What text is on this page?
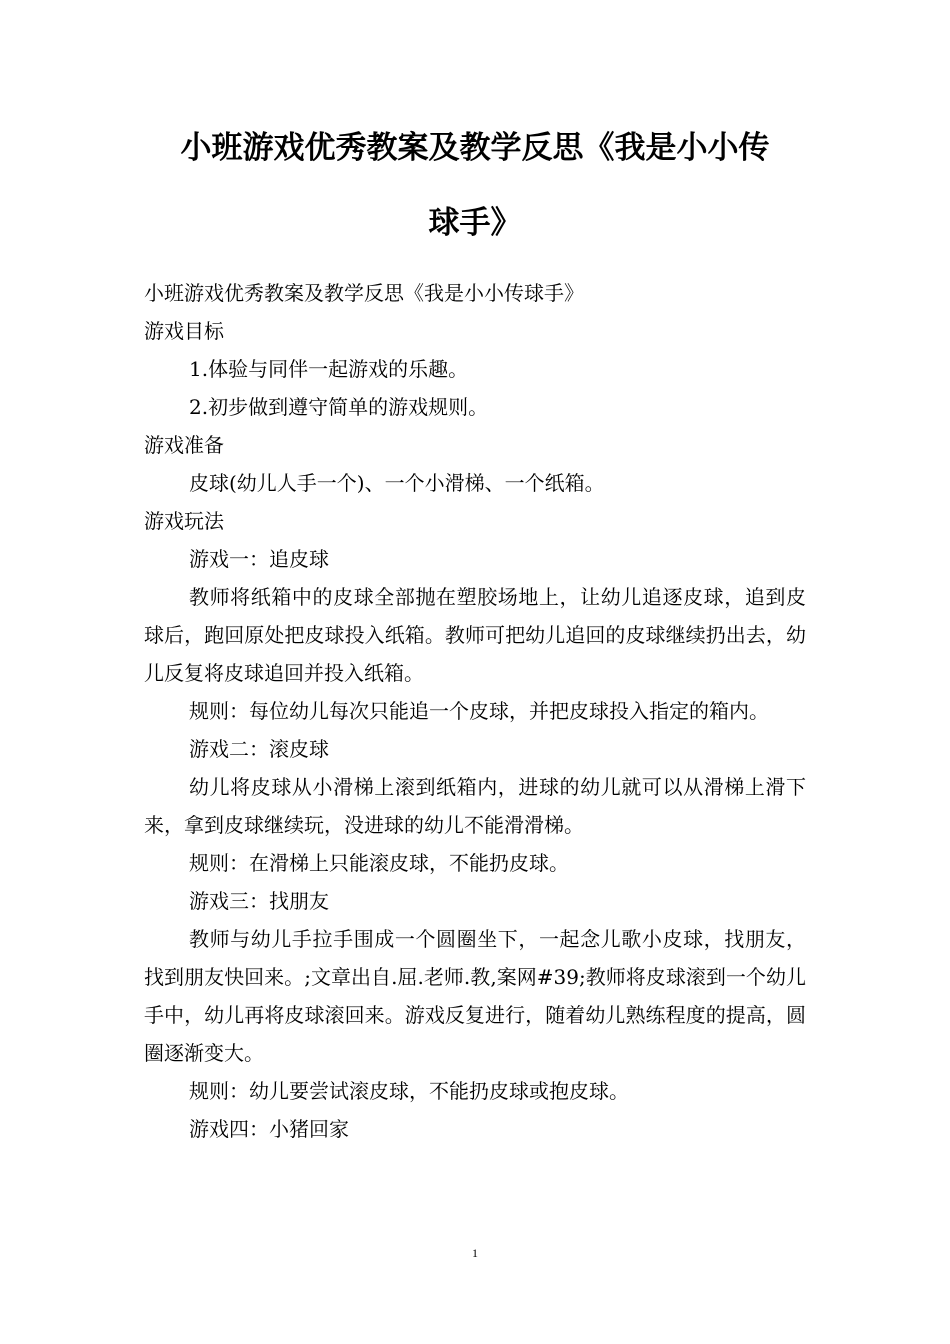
小班游戏优秀教案及教学反思《我是小小传
球手》

小班游戏优秀教案及教学反思《我是小小传球手》

游戏目标

1.体验与同伴一起游戏的乐趣。

2.初步做到遵守简单的游戏规则。

游戏准备

皮球(幼儿人手一个)、一个小滑梯、一个纸箱。

游戏玩法

游戏一：追皮球

教师将纸箱中的皮球全部抛在塑胶场地上，让幼儿追逐皮球，追到皮球后，跑回原处把皮球投入纸箱。教师可把幼儿追回的皮球继续扔出去，幼儿反复将皮球追回并投入纸箱。

规则：每位幼儿每次只能追一个皮球，并把皮球投入指定的箱内。

游戏二：滚皮球

幼儿将皮球从小滑梯上滚到纸箱内，进球的幼儿就可以从滑梯上滑下来，拿到皮球继续玩，没进球的幼儿不能滑滑梯。

规则：在滑梯上只能滚皮球，不能扔皮球。

游戏三：找朋友

教师与幼儿手拉手围成一个圆圈坐下，一起念儿歌小皮球，找朋友，找到朋友快回来。;文章出自.屈.老师.教,案网#39;教师将皮球滚到一个幼儿手中，幼儿再将皮球滚回来。游戏反复进行，随着幼儿熟练程度的提高，圆圈逐渐变大。

规则：幼儿要尝试滚皮球，不能扔皮球或抱皮球。

游戏四：小猪回家

1
